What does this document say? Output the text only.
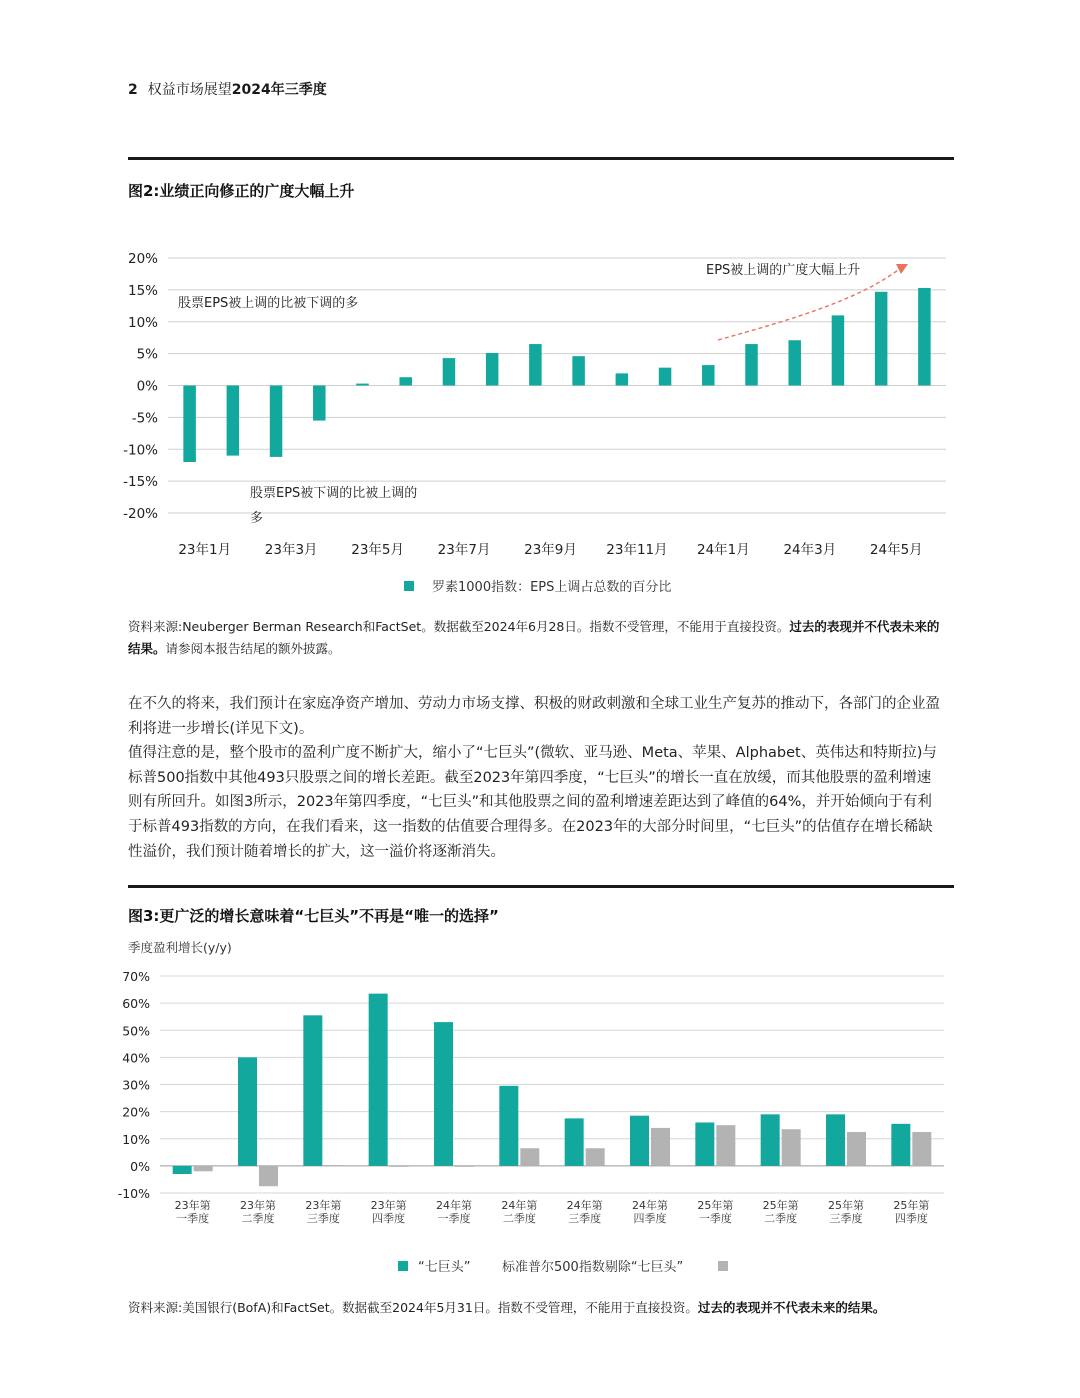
2 权益市场展望2024年三季度
图2:业绩正向修正的广度大幅上升
20%
15%
10%
5%
0%
-5%
-10%
-15%
-20%
23年1月 23年3月 23年5月 23年7月 23年9月 23年11月 24年1月 24年3月 24年5月
股票EPS被上调的比被下调的多
股票EPS被下调的比被上调的
多
EPS被上调的广度大幅上升
罗素1000指数：EPS上调占总数的百分比
资料来源:Neuberger Berman Research和FactSet。数据截至2024年6月28日。指数不受管理，不能用于直接投资。过去的表现并不代表未来的结果。请参阅本报告结尾的额外披露。

在不久的将来，我们预计在家庭净资产增加、劳动力市场支撑、积极的财政刺激和全球工业生产复苏的推动下，各部门的企业盈利将进一步增长(详见下文)。

值得注意的是，整个股市的盈利广度不断扩大，缩小了“七巨头”(微软、亚马逊、Meta、苹果、Alphabet、英伟达和特斯拉)与标普500指数中其他493只股票之间的增长差距。截至2023年第四季度，“七巨头”的增长一直在放缓，而其他股票的盈利增速则有所回升。如图3所示，2023年第四季度，“七巨头”和其他股票之间的盈利增速差距达到了峰值的64%，并开始倾向于有利于标普493指数的方向，在我们看来，这一指数的估值要合理得多。在2023年的大部分时间里，“七巨头”的估值存在增长稀缺性溢价，我们预计随着增长的扩大，这一溢价将逐渐消失。

图3:更广泛的增长意味着“七巨头”不再是“唯一的选择”
季度盈利增长(y/y)
70%
60%
50%
40%
30%
20%
10%
0%
-10%
23年第
一季度
23年第
二季度
23年第
三季度
23年第
四季度
24年第
一季度
24年第
二季度
24年第
三季度
24年第
四季度
25年第
一季度
25年第
二季度
25年第
三季度
25年第
四季度
“七巨头” 标准普尔500指数剔除“七巨头”
资料来源:美国银行(BofA)和FactSet。数据截至2024年5月31日。指数不受管理，不能用于直接投资。过去的表现并不代表未来的结果。
